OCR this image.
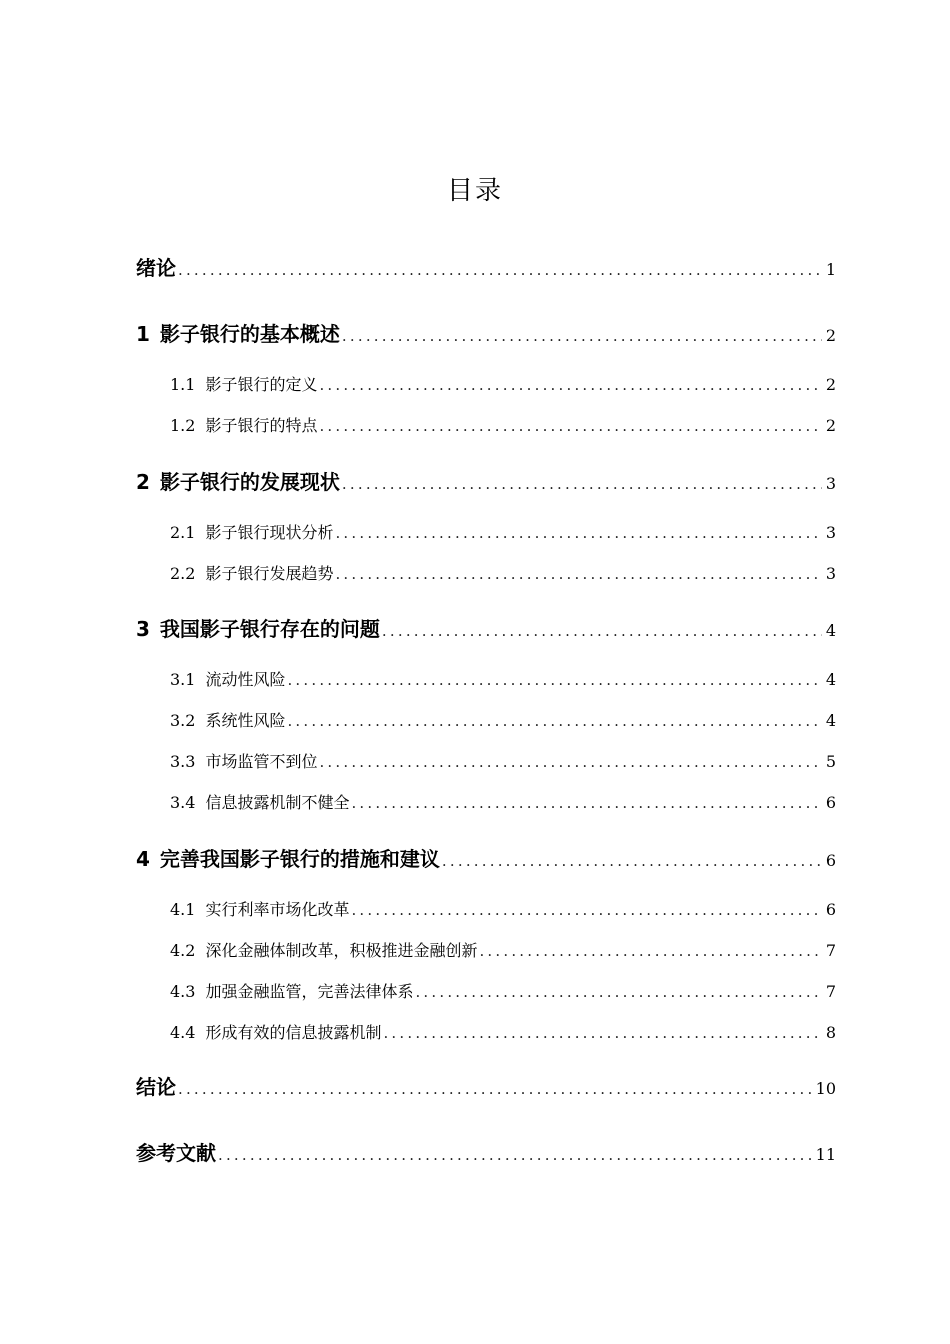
目录
绪论 .....	1
1 影子银行的基本概述 .....	2
1.1 影子银行的定义 .....	2
1.2 影子银行的特点 .....	2
2 影子银行的发展现状 .....	3
2.1 影子银行现状分析 .....	3
2.2 影子银行发展趋势 .....	3
3 我国影子银行存在的问题 .....	4
3.1 流动性风险 .....	4
3.2 系统性风险 .....	4
3.3 市场监管不到位 .....	5
3.4 信息披露机制不健全 .....	6
4 完善我国影子银行的措施和建议 .....	6
4.1 实行利率市场化改革 .....	6
4.2 深化金融体制改革，积极推进金融创新 .....	7
4.3 加强金融监管，完善法律体系 .....	7
4.4 形成有效的信息披露机制 .....	8
结论 .....	10
参考文献 .....	11
